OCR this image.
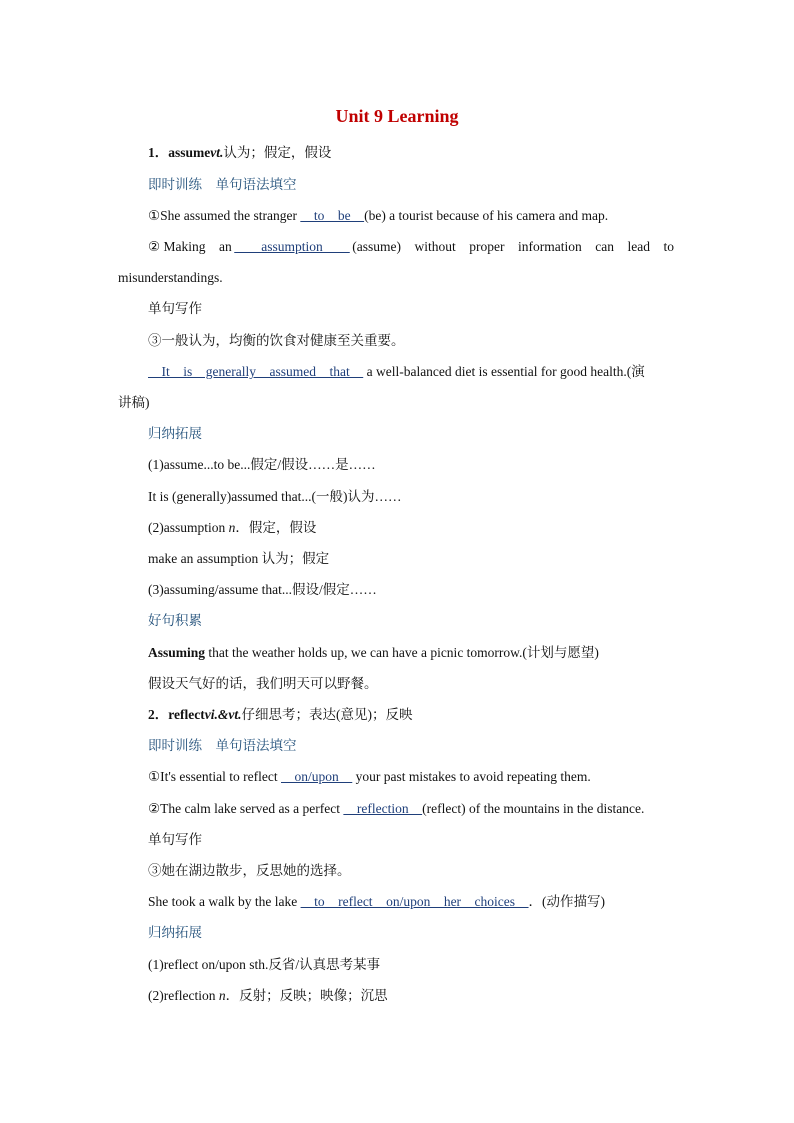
Unit 9 Learning
1．assumevt.认为；假定，假设
即时训练　单句语法填空
①She assumed the stranger 　to　be　(be) a tourist because of his camera and map.
② Making　an 　　assumption　　 (assume)　without　proper　information　can　lead　to
misunderstandings.
单句写作
③一般认为，均衡的饮食对健康至关重要。
　It　is　generally　assumed　that　 a well-balanced diet is essential for good health.(演
讲稿)
归纳拓展
(1)assume...to be...假定/假设……是……
It is (generally)assumed that...(一般)认为……
(2)assumption n．假定，假设
make an assumption 认为；假定
(3)assuming/assume that...假设/假定……
好句积累
Assuming that the weather holds up, we can have a picnic tomorrow.(计划与愿望)
假设天气好的话，我们明天可以野餐。
2．reflectvi.&vt.仔细思考；表达(意见)；反映
即时训练　单句语法填空
①It's essential to reflect 　on/upon　 your past mistakes to avoid repeating them.
②The calm lake served as a perfect 　reflection　(reflect) of the mountains in the distance.
单句写作
③她在湖边散步，反思她的选择。
She took a walk by the lake 　to　reflect　on/upon　her　choices　．(动作描写)
归纳拓展
(1)reflect on/upon sth.反省/认真思考某事
(2)reflection n．反射；反映；映像；沉思
